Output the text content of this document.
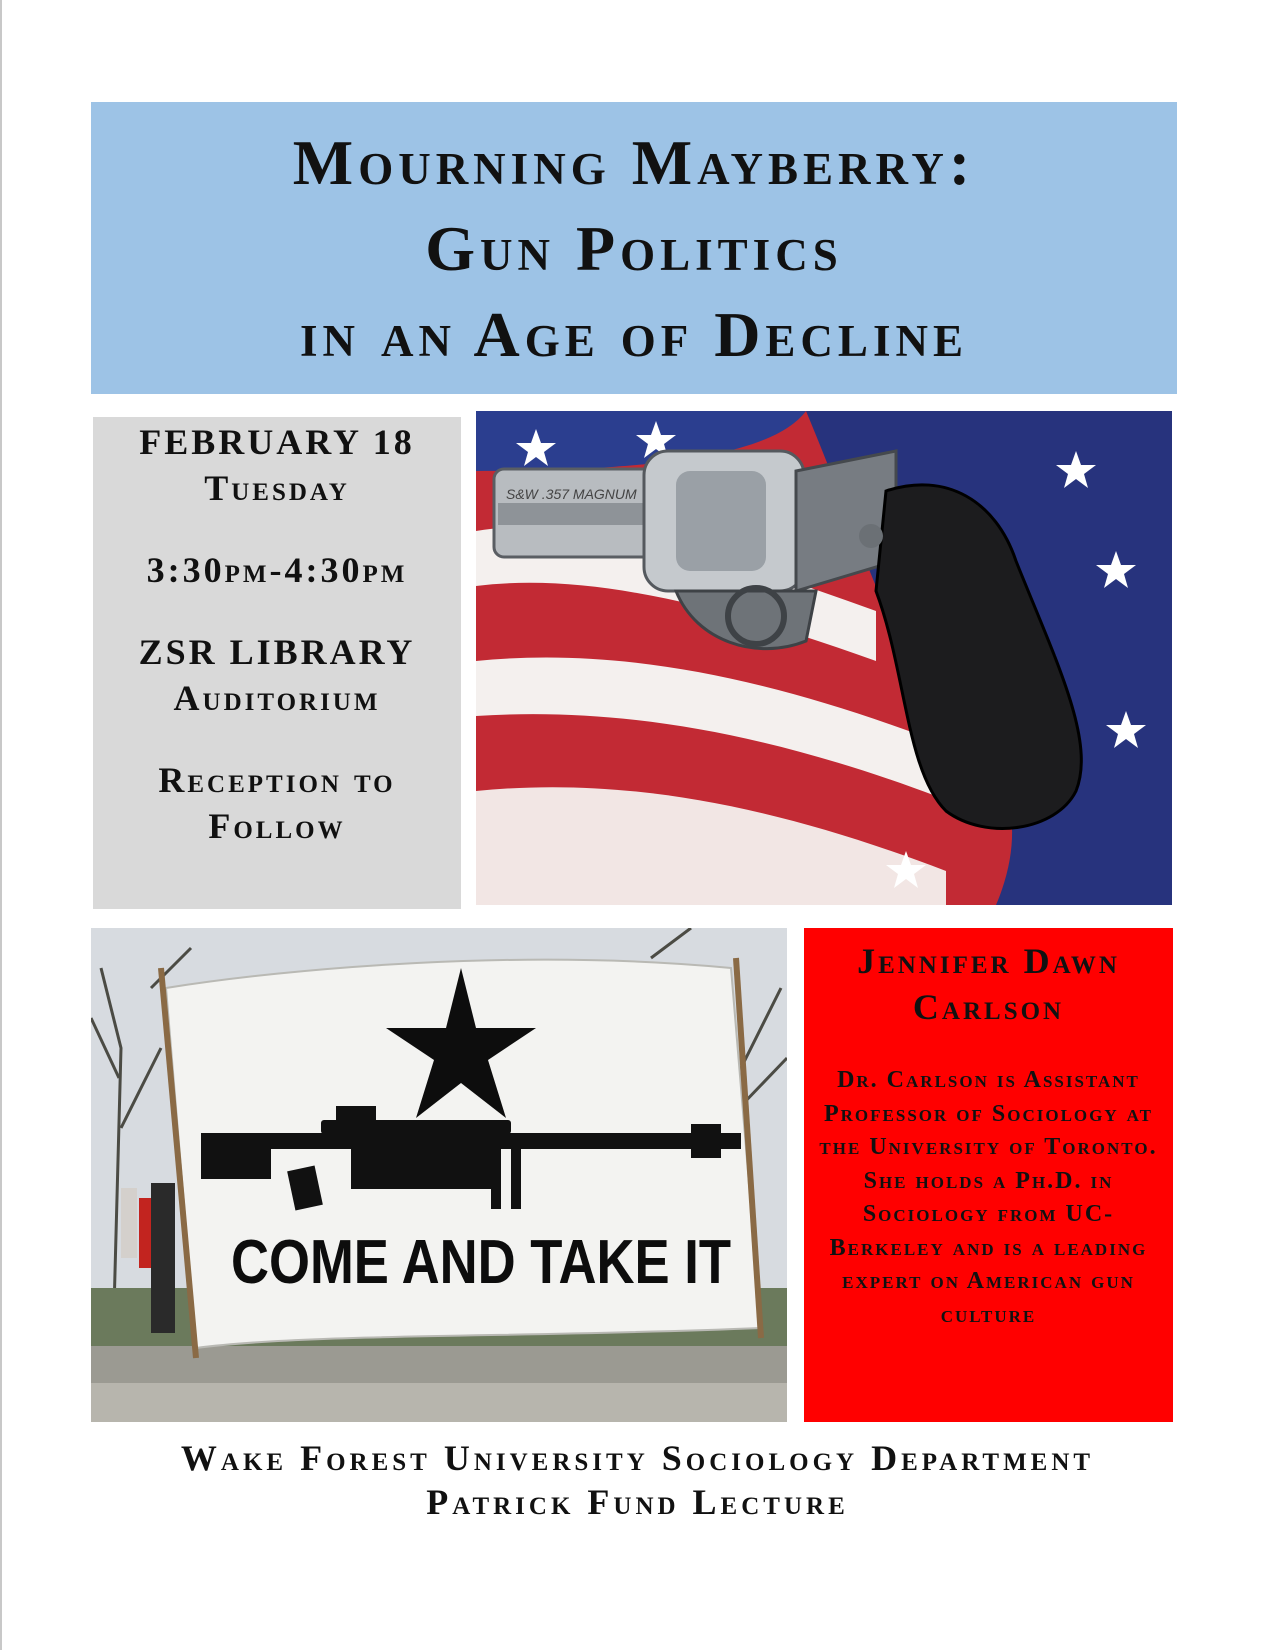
Mourning Mayberry:
Gun Politics
in an Age of Decline
FEBRUARY 18
Tuesday
3:30pm-4:30pm
ZSR LIBRARY
Auditorium
Reception to
Follow
S&W .357 MAGNUM
COME AND TAKE IT
Jennifer Dawn
Carlson
Dr. Carlson is Assistant Professor of Sociology at the University of Toronto. She holds a Ph.D. in Sociology from UC-Berkeley and is a leading expert on American gun culture
Wake Forest University Sociology Department
Patrick Fund Lecture
